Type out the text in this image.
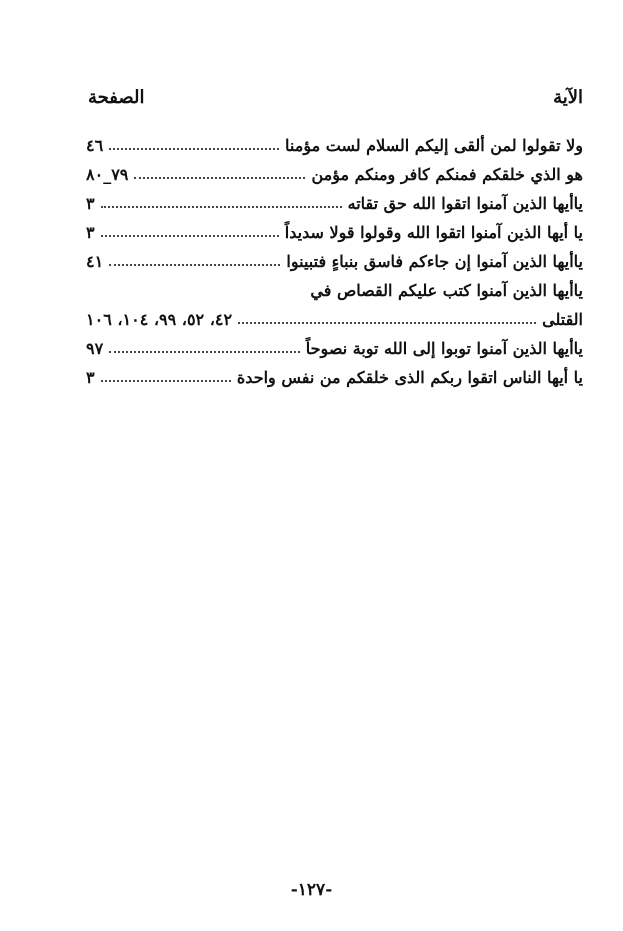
الآية
الصفحة
ولا تقولوا لمن ألقى إليكم السلام لست مؤمنا
٤٦
هو الذي خلقكم فمنكم كافر ومنكم مؤمن
٧٩_٨٠
ياأيها الذين آمنوا اتقوا الله حق تقاته
٣
يا أيها الذين آمنوا اتقوا الله وقولوا قولا سديداً
٣
ياأيها الذين آمنوا إن جاءكم فاسق بنباءٍ فتبينوا
٤١
ياأيها الذين آمنوا كتب عليكم القصاص في
القتلى
٤٢، ٥٢، ٩٩، ١٠٤، ١٠٦
ياأيها الذين آمنوا توبوا إلى الله توبة نصوحاً
٩٧
يا أيها الناس اتقوا ربكم الذى خلقكم من نفس واحدة
٣
-١٢٧-
